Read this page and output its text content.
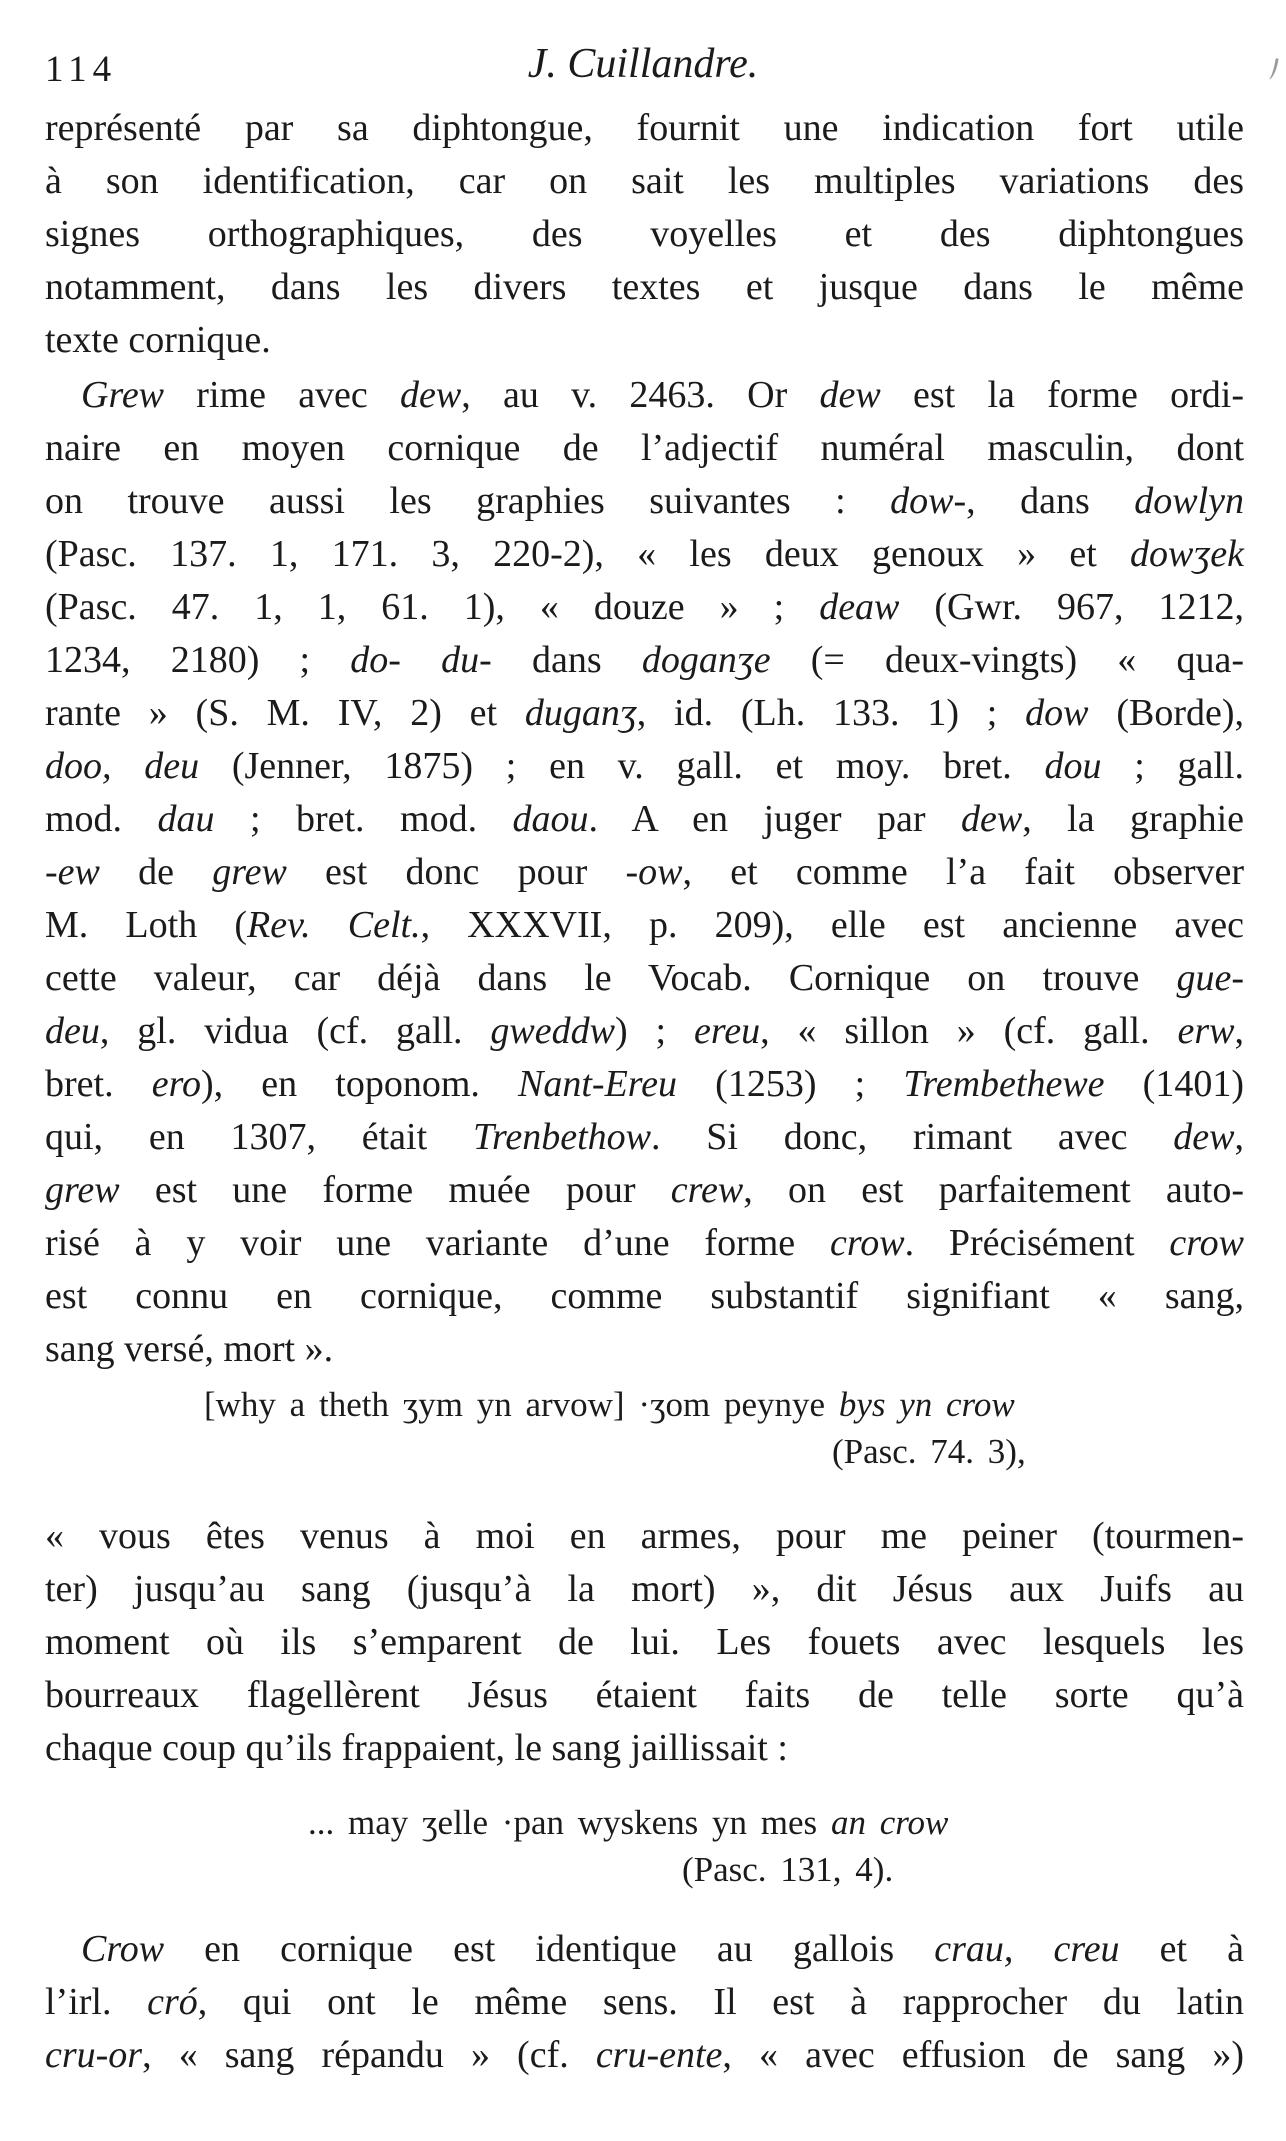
114	J. Cuillandre.
représenté par sa diphtongue, fournit une indication fort utile
à son identification, car on sait les multiples variations des
signes orthographiques, des voyelles et des diphtongues
notamment, dans les divers textes et jusque dans le même
texte cornique.
Grew rime avec dew, au v. 2463. Or dew est la forme ordi-
naire en moyen cornique de l’adjectif numéral masculin, dont
on trouve aussi les graphies suivantes : dow-, dans dowlyn
(Pasc. 137. 1, 171. 3, 220-2), « les deux genoux » et dowʒek
(Pasc. 47. 1, 1, 61. 1), « douze » ; deaw (Gwr. 967, 1212,
1234, 2180) ; do- du- dans doganʒe (= deux-vingts) « qua-
rante » (S. M. IV, 2) et duganʒ, id. (Lh. 133. 1) ; dow (Borde),
doo, deu (Jenner, 1875) ; en v. gall. et moy. bret. dou ; gall.
mod. dau ; bret. mod. daou. A en juger par dew, la graphie
-ew de grew est donc pour -ow, et comme l’a fait observer
M. Loth (Rev. Celt., XXXVII, p. 209), elle est ancienne avec
cette valeur, car déjà dans le Vocab. Cornique on trouve gue-
deu, gl. vidua (cf. gall. gweddw) ; ereu, « sillon » (cf. gall. erw,
bret. ero), en toponom. Nant-Ereu (1253) ; Trembethewe (1401)
qui, en 1307, était Trenbethow. Si donc, rimant avec dew,
grew est une forme muée pour crew, on est parfaitement auto-
risé à y voir une variante d’une forme crow. Précisément crow
est connu en cornique, comme substantif signifiant « sang,
sang versé, mort ».
[why a theth ʒym yn arvow] ·ʒom peynye bys yn crow
(Pasc. 74. 3),
« vous êtes venus à moi en armes, pour me peiner (tourmen-
ter) jusqu’au sang (jusqu’à la mort) », dit Jésus aux Juifs au
moment où ils s’emparent de lui. Les fouets avec lesquels les
bourreaux flagellèrent Jésus étaient faits de telle sorte qu’à
chaque coup qu’ils frappaient, le sang jaillissait :
... may ʒelle ·pan wyskens yn mes an crow
(Pasc. 131, 4).
Crow en cornique est identique au gallois crau, creu et à
l’irl. cró, qui ont le même sens. Il est à rapprocher du latin
cru-or, « sang répandu » (cf. cru-ente, « avec effusion de sang »)
